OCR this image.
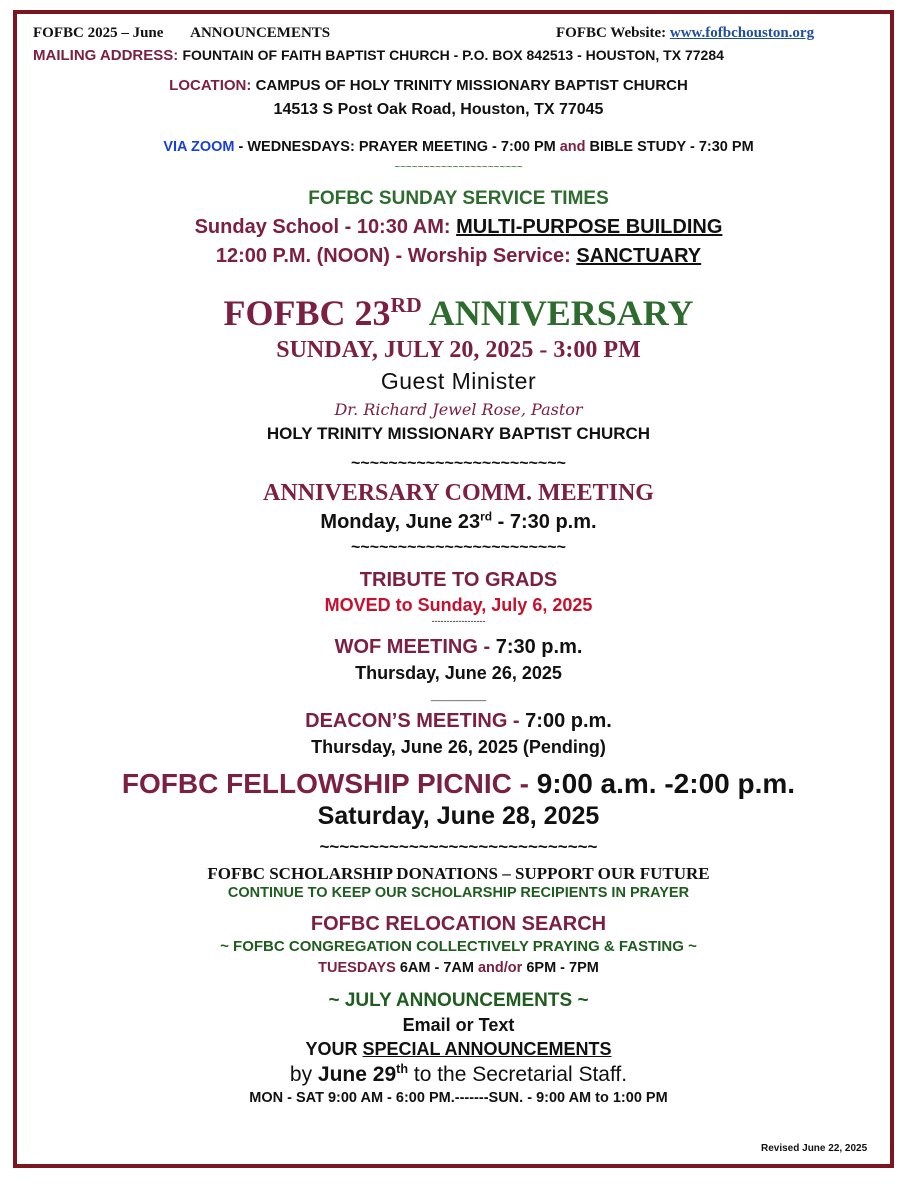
FOFBC 2025 – June ANNOUNCEMENTS	FOFBC Website: www.fofbchouston.org
MAILING ADDRESS: FOUNTAIN OF FAITH BAPTIST CHURCH - P.O. BOX 842513 - HOUSTON, TX 77284
LOCATION: CAMPUS OF HOLY TRINITY MISSIONARY BAPTIST CHURCH
14513 S Post Oak Road, Houston, TX 77045
VIA ZOOM - WEDNESDAYS: PRAYER MEETING - 7:00 PM and BIBLE STUDY - 7:30 PM
~~~~~~~~~~~~~~~~~~~~~~
FOFBC SUNDAY SERVICE TIMES
Sunday School - 10:30 AM: MULTI-PURPOSE BUILDING
12:00 P.M. (NOON) - Worship Service: SANCTUARY
FOFBC 23RD ANNIVERSARY
SUNDAY, JULY 20, 2025 - 3:00 PM
Guest Minister
Dr. Richard Jewel Rose, Pastor
HOLY TRINITY MISSIONARY BAPTIST CHURCH
~~~~~~~~~~~~~~~~~~~~~~~
ANNIVERSARY COMM. MEETING
Monday, June 23rd - 7:30 p.m.
~~~~~~~~~~~~~~~~~~~~~~~
TRIBUTE TO GRADS
MOVED to Sunday, July 6, 2025
------------------
WOF MEETING - 7:30 p.m.
Thursday, June 26, 2025
___________
DEACON’S MEETING - 7:00 p.m.
Thursday, June 26, 2025 (Pending)
FOFBC FELLOWSHIP PICNIC - 9:00 a.m. -2:00 p.m.
Saturday, June 28, 2025
~~~~~~~~~~~~~~~~~~~~~~~~~~~~
FOFBC SCHOLARSHIP DONATIONS – SUPPORT OUR FUTURE
CONTINUE TO KEEP OUR SCHOLARSHIP RECIPIENTS IN PRAYER
FOFBC RELOCATION SEARCH
~ FOFBC CONGREGATION COLLECTIVELY PRAYING & FASTING ~
TUESDAYS 6AM - 7AM and/or 6PM - 7PM
~ JULY ANNOUNCEMENTS ~
Email or Text
YOUR SPECIAL ANNOUNCEMENTS
by June 29th to the Secretarial Staff.
MON - SAT 9:00 AM - 6:00 PM.-------SUN. - 9:00 AM to 1:00 PM
Revised June 22, 2025
